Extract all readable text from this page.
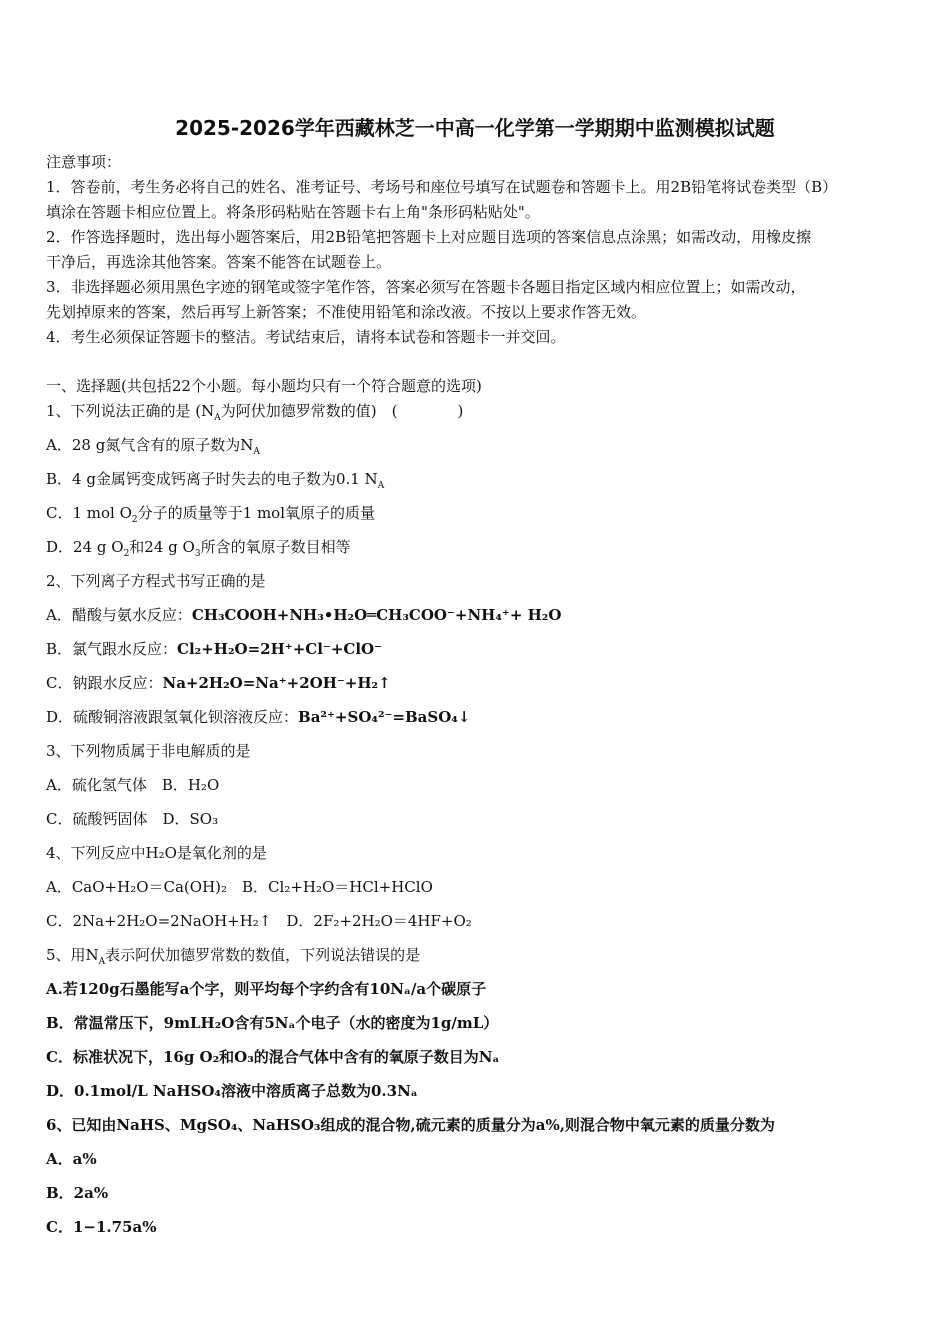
2025-2026学年西藏林芝一中高一化学第一学期期中监测模拟试题
注意事项：
1．答卷前，考生务必将自己的姓名、准考证号、考场号和座位号填写在试题卷和答题卡上。用2B铅笔将试卷类型（B）
填涂在答题卡相应位置上。将条形码粘贴在答题卡右上角"条形码粘贴处"。
2．作答选择题时，选出每小题答案后，用2B铅笔把答题卡上对应题目选项的答案信息点涂黑；如需改动，用橡皮擦
干净后，再选涂其他答案。答案不能答在试题卷上。
3．非选择题必须用黑色字迹的钢笔或签字笔作答，答案必须写在答题卡各题目指定区域内相应位置上；如需改动，
先划掉原来的答案，然后再写上新答案；不准使用铅笔和涂改液。不按以上要求作答无效。
4．考生必须保证答题卡的整洁。考试结束后，请将本试卷和答题卡一并交回。
一、选择题(共包括22个小题。每小题均只有一个符合题意的选项)
1、下列说法正确的是 ($N_A$为阿伏加德罗常数的值)　(　　　　)
A．28 g氮气含有的原子数为$N_A$
B．4 g金属钙变成钙离子时失去的电子数为0.1 $N_A$
C．1 mol $O_2$分子的质量等于1 mol氧原子的质量
D．24 g $O_2$和24 g $O_3$所含的氧原子数目相等
2、下列离子方程式书写正确的是
A．醋酸与氨水反应：CH₃COOH+NH₃•H₂O═CH₃COO⁻+NH₄⁺+ H₂O
B．氯气跟水反应：Cl₂+H₂O=2H⁺+Cl⁻+ClO⁻
C．钠跟水反应：Na+2H₂O=Na⁺+2OH⁻+H₂↑
D．硫酸铜溶液跟氢氧化钡溶液反应：Ba²⁺+SO₄²⁻=BaSO₄↓
3、下列物质属于非电解质的是
A．硫化氢气体　B．H₂O
C．硫酸钙固体　D．SO₃
4、下列反应中H₂O是氧化剂的是
A．CaO+H₂O＝Ca(OH)₂　B．Cl₂+H₂O＝HCl+HClO
C．2Na+2H₂O=2NaOH+H₂↑　D．2F₂+2H₂O＝4HF+O₂
5、用$N_A$表示阿伏加德罗常数的数值，下列说法错误的是
A.若120g石墨能写a个字，则平均每个字约含有10Nₐ/a个碳原子
B．常温常压下，9mLH₂O含有5Nₐ个电子（水的密度为1g/mL）
C．标准状况下，16g O₂和O₃的混合气体中含有的氧原子数目为Nₐ
D．0.1mol/L NaHSO₄溶液中溶质离子总数为0.3Nₐ
6、已知由NaHS、MgSO₄、NaHSO₃组成的混合物,硫元素的质量分为a%,则混合物中氧元素的质量分数为
A．a%
B．2a%
C．1−1.75a%
